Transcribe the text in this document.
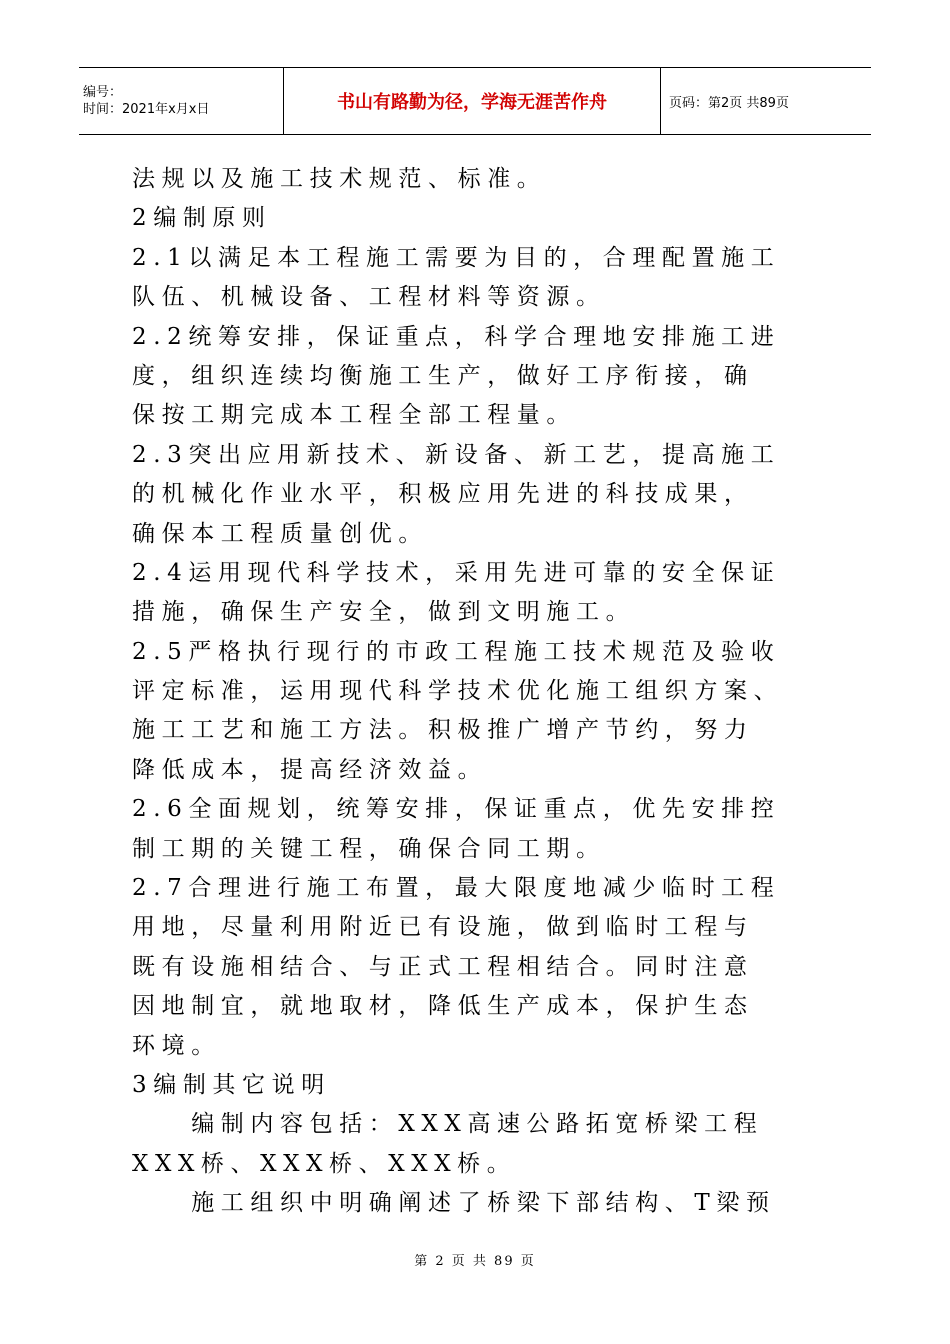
编号：
时间：2021年x月x日	书山有路勤为径，学海无涯苦作舟	页码：第2页 共89页
法规以及施工技术规范、标准。
2编制原则
2.1以满足本工程施工需要为目的，合理配置施工
队伍、机械设备、工程材料等资源。
2.2统筹安排，保证重点，科学合理地安排施工进
度，组织连续均衡施工生产，做好工序衔接，确
保按工期完成本工程全部工程量。
2.3突出应用新技术、新设备、新工艺，提高施工
的机械化作业水平，积极应用先进的科技成果，
确保本工程质量创优。
2.4运用现代科学技术，采用先进可靠的安全保证
措施，确保生产安全，做到文明施工。
2.5严格执行现行的市政工程施工技术规范及验收
评定标准，运用现代科学技术优化施工组织方案、
施工工艺和施工方法。积极推广增产节约，努力
降低成本，提高经济效益。
2.6全面规划，统筹安排，保证重点，优先安排控
制工期的关键工程，确保合同工期。
2.7合理进行施工布置，最大限度地减少临时工程
用地，尽量利用附近已有设施，做到临时工程与
既有设施相结合、与正式工程相结合。同时注意
因地制宜，就地取材，降低生产成本，保护生态
环境。
3编制其它说明
　　编制内容包括：XXX高速公路拓宽桥梁工程
XXX桥、XXX桥、XXX桥。
　　施工组织中明确阐述了桥梁下部结构、T梁预
第 2 页 共 89 页
